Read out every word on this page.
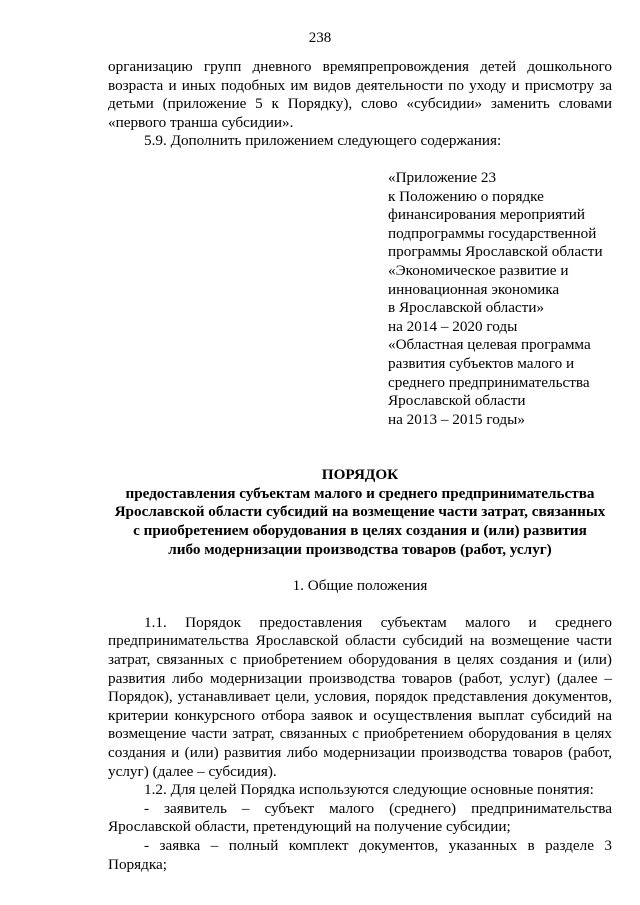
238

организацию групп дневного времяпрепровождения детей дошкольного возраста и иных подобных им видов деятельности по уходу и присмотру за детьми (приложение 5 к Порядку), слово «субсидии» заменить словами «первого транша субсидии».

5.9. Дополнить приложением следующего содержания:

«Приложение 23
к Положению о порядке
финансирования мероприятий
подпрограммы государственной
программы Ярославской области
«Экономическое развитие и
инновационная экономика
в Ярославской области»
на 2014 – 2020 годы
«Областная целевая программа
развития субъектов малого и
среднего предпринимательства
Ярославской области
на 2013 – 2015 годы»
ПОРЯДОК
предоставления субъектам малого и среднего предпринимательства
Ярославской области субсидий на возмещение части затрат, связанных
с приобретением оборудования в целях создания и (или) развития
либо модернизации производства товаров (работ, услуг)

1. Общие положения

1.1. Порядок предоставления субъектам малого и среднего предпринимательства Ярославской области субсидий на возмещение части затрат, связанных с приобретением оборудования в целях создания и (или) развития либо модернизации производства товаров (работ, услуг) (далее – Порядок), устанавливает цели, условия, порядок представления документов, критерии конкурсного отбора заявок и осуществления выплат субсидий на возмещение части затрат, связанных с приобретением оборудования в целях создания и (или) развития либо модернизации производства товаров (работ, услуг) (далее – субсидия).

1.2. Для целей Порядка используются следующие основные понятия:

- заявитель – субъект малого (среднего) предпринимательства Ярославской области, претендующий на получение субсидии;

- заявка – полный комплект документов, указанных в разделе 3 Порядка;
